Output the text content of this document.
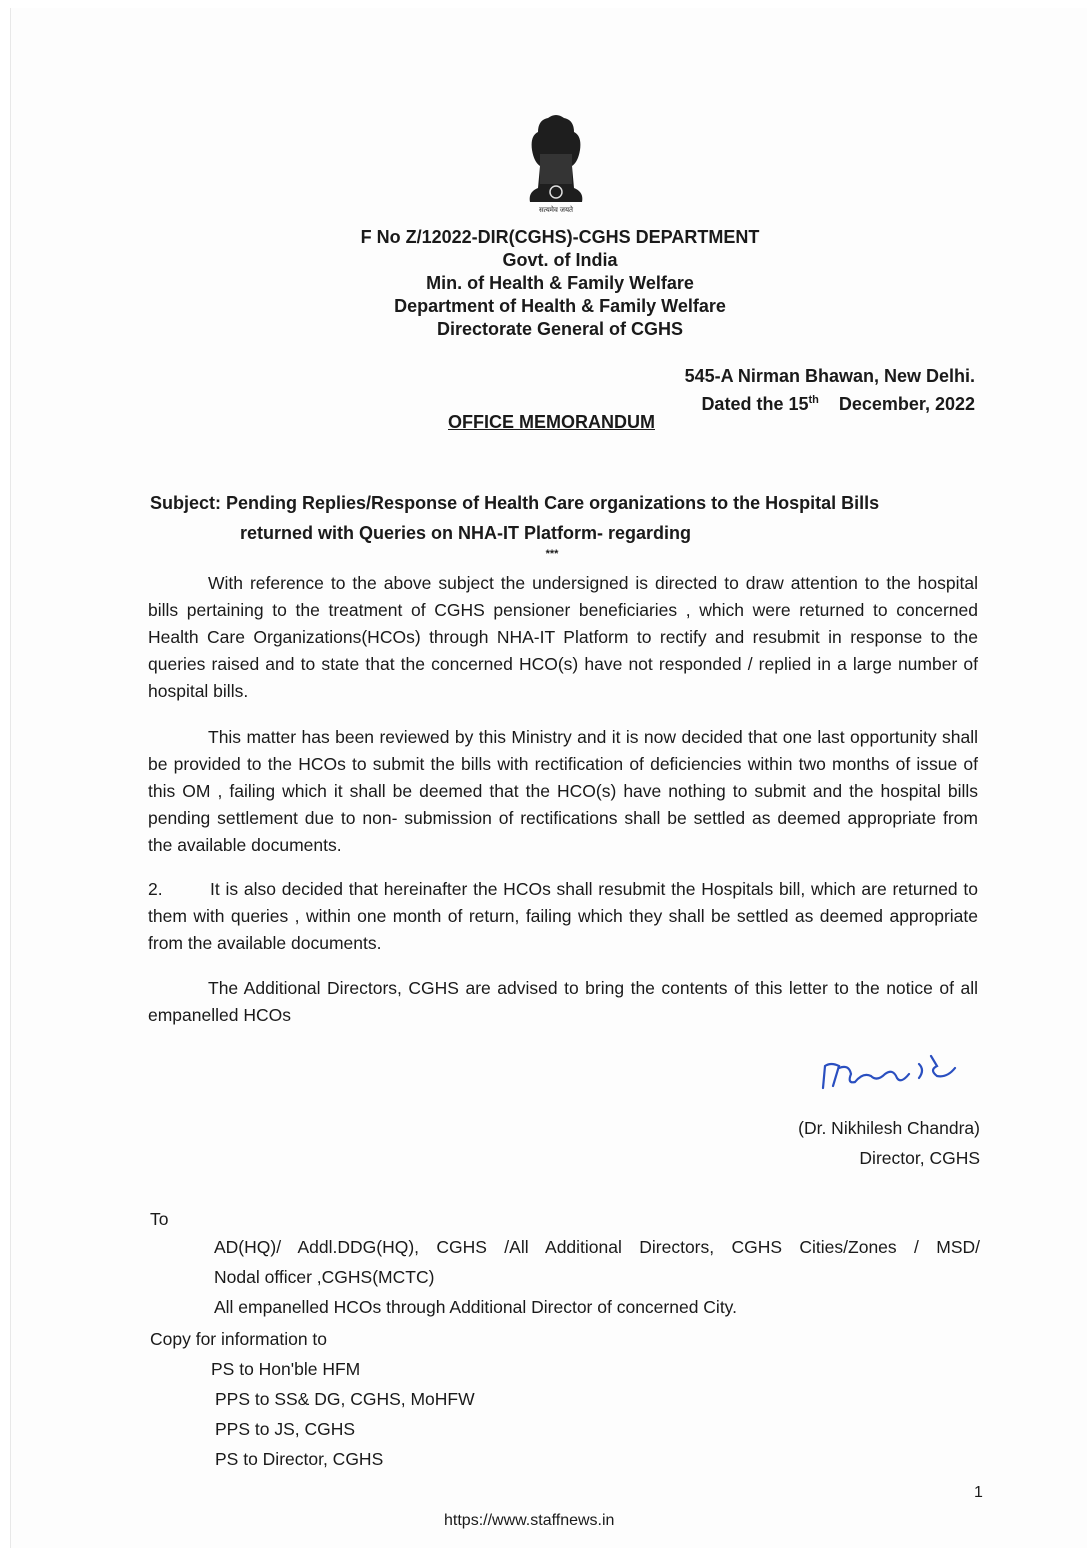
सत्यमेव जयते
F No Z/12022-DIR(CGHS)-CGHS DEPARTMENT
Govt. of India
Min. of Health & Family Welfare
Department of Health & Family Welfare
Directorate General of CGHS
545-A Nirman Bhawan, New Delhi.
Dated the 15th December, 2022
OFFICE MEMORANDUM
Subject: Pending Replies/Response of Health Care organizations to the Hospital Bills
returned with Queries on NHA-IT Platform- regarding
***
With reference to the above subject the undersigned is directed to draw attention to the hospital bills pertaining to the treatment of CGHS pensioner beneficiaries , which were returned to concerned Health Care Organizations(HCOs) through NHA-IT Platform to rectify and resubmit in response to the queries raised and to state that the concerned HCO(s) have not responded / replied in a large number of hospital bills.
This matter has been reviewed by this Ministry and it is now decided that one last opportunity shall be provided to the HCOs to submit the bills with rectification of deficiencies within two months of issue of this OM , failing which it shall be deemed that the HCO(s) have nothing to submit and the hospital bills pending settlement due to non- submission of rectifications shall be settled as deemed appropriate from the available documents.
2.	It is also decided that hereinafter the HCOs shall resubmit the Hospitals bill, which are returned to them with queries , within one month of return, failing which they shall be settled as deemed appropriate from the available documents.
The Additional Directors, CGHS are advised to bring the contents of this letter to the notice of all empanelled HCOs
(Dr. Nikhilesh Chandra)
Director, CGHS
To
AD(HQ)/ Addl.DDG(HQ), CGHS /All Additional Directors, CGHS Cities/Zones / MSD/
Nodal officer ,CGHS(MCTC)
All empanelled HCOs through Additional Director of concerned City.
Copy for information to
PS to Hon'ble HFM
PPS to SS& DG, CGHS, MoHFW
PPS to JS, CGHS
PS to Director, CGHS
1
https://www.staffnews.in
